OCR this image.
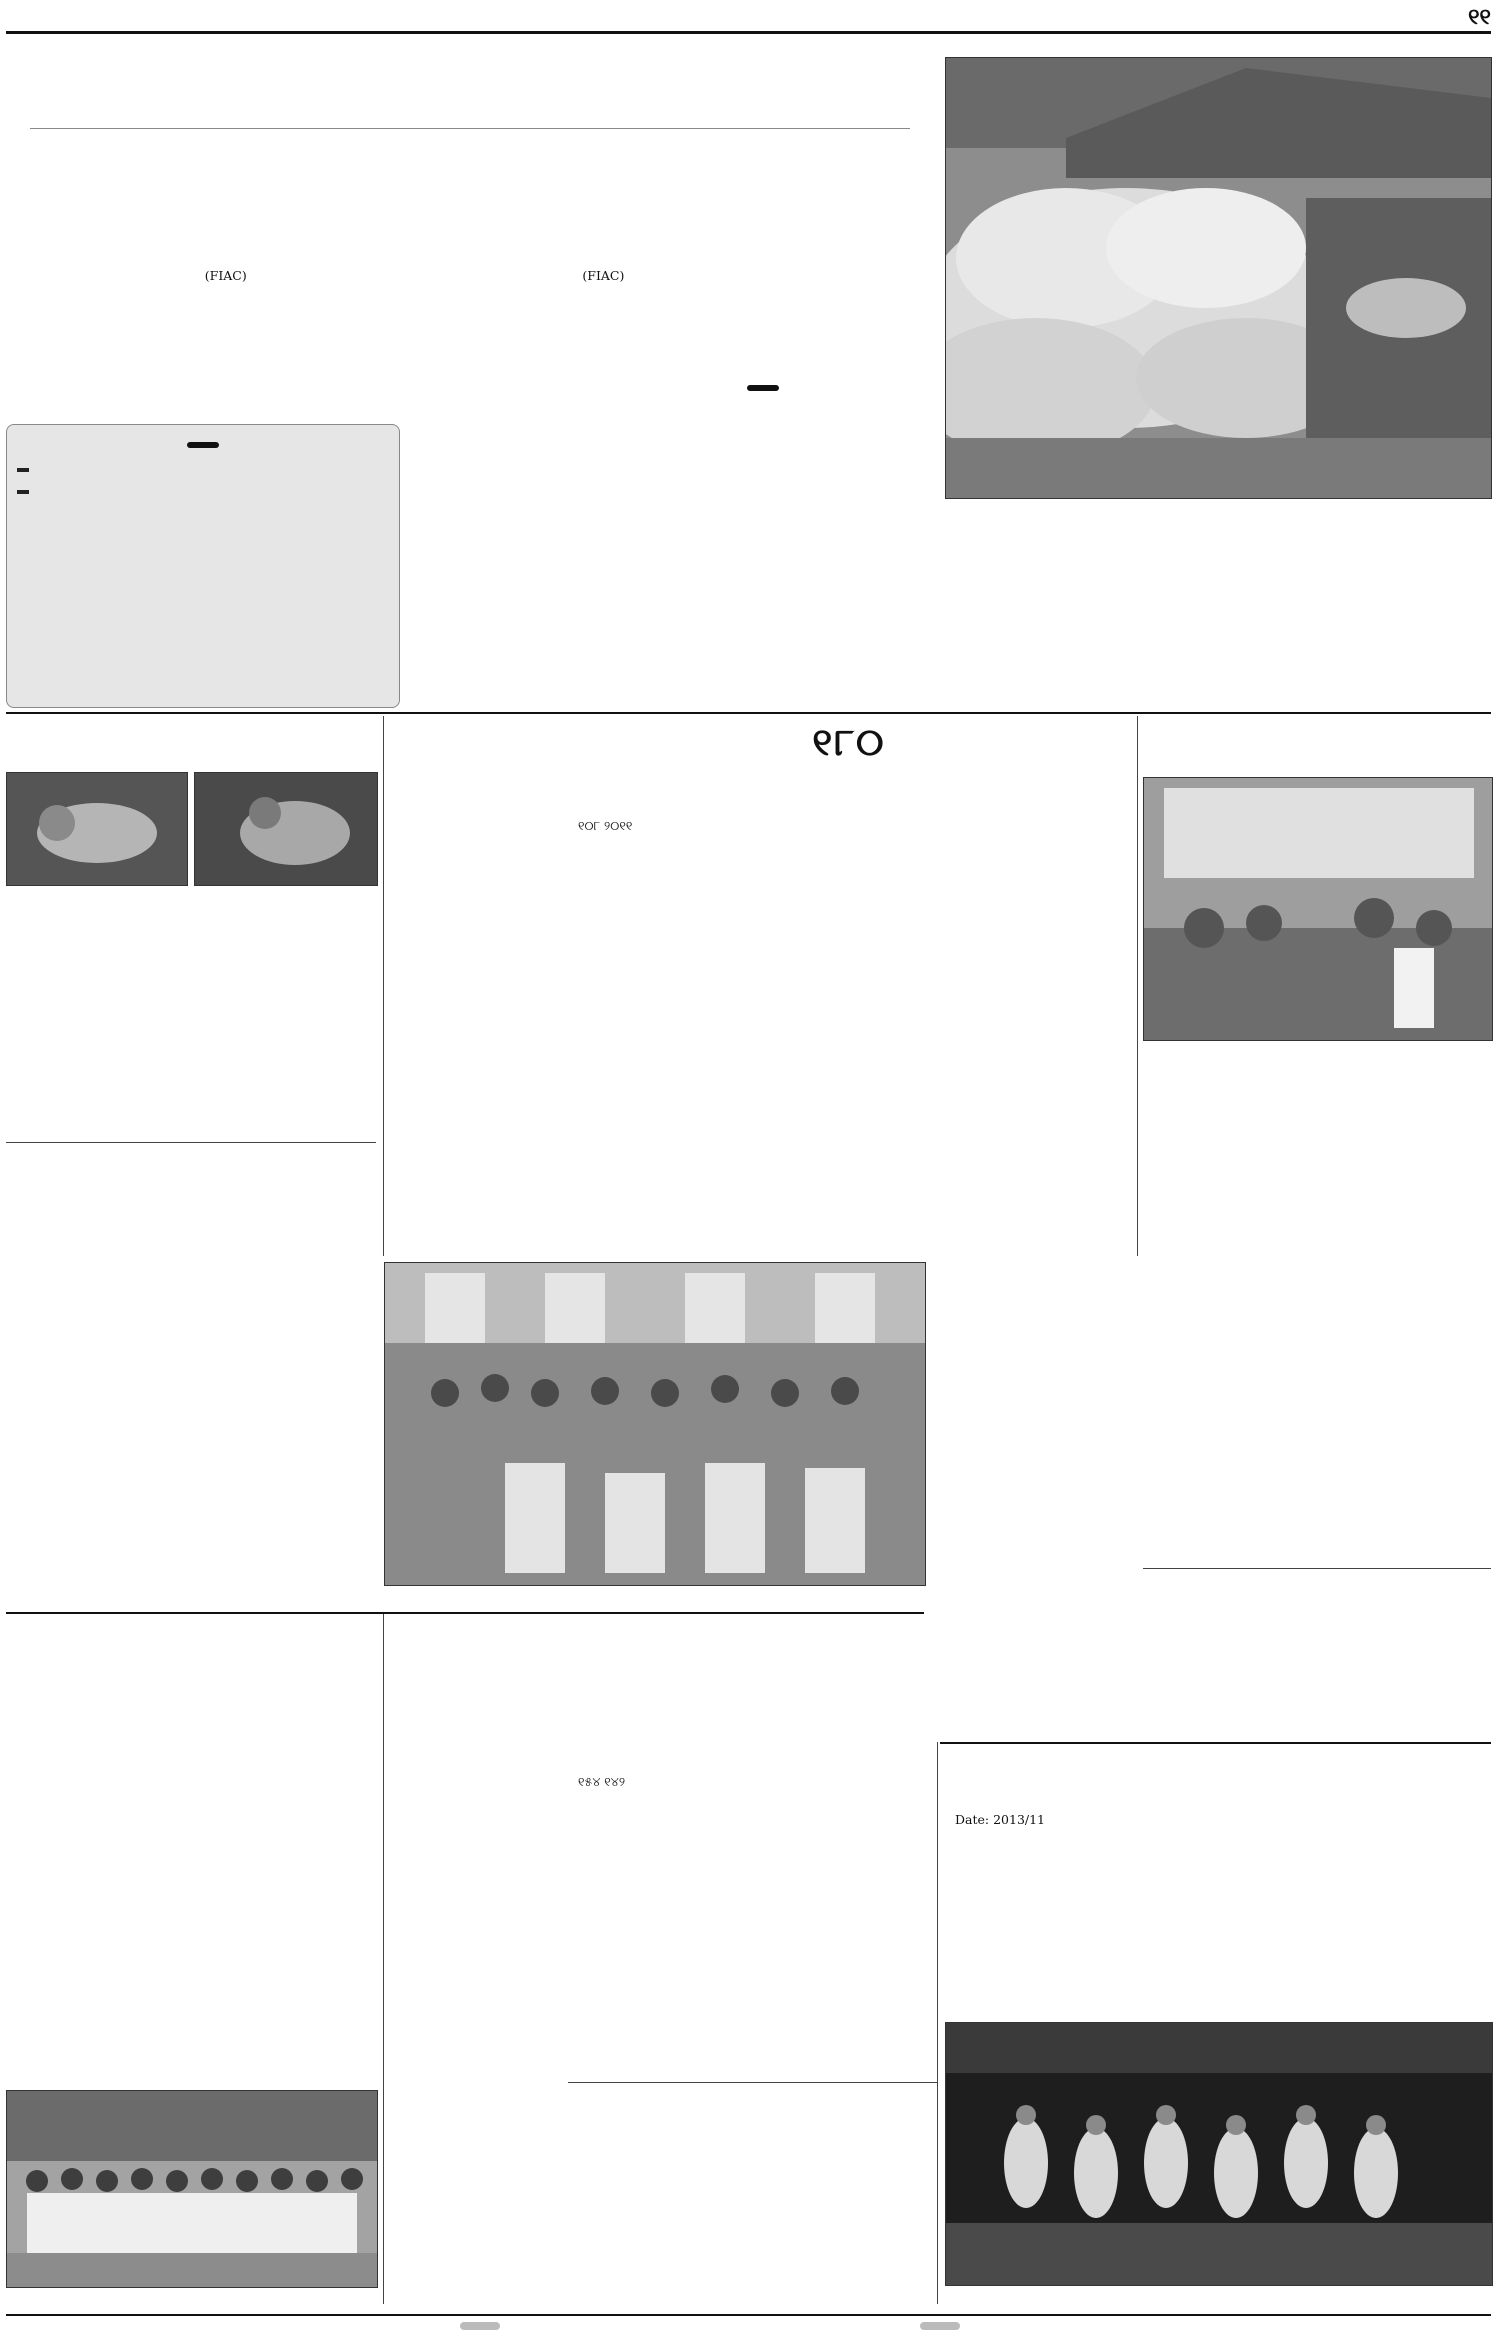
୧୧

(FIAC)	(FIAC)

୧୮୦

୧୦୮ ୨୦୧୧

୧୫୪ ୧୪୨

Date: 2013/11
